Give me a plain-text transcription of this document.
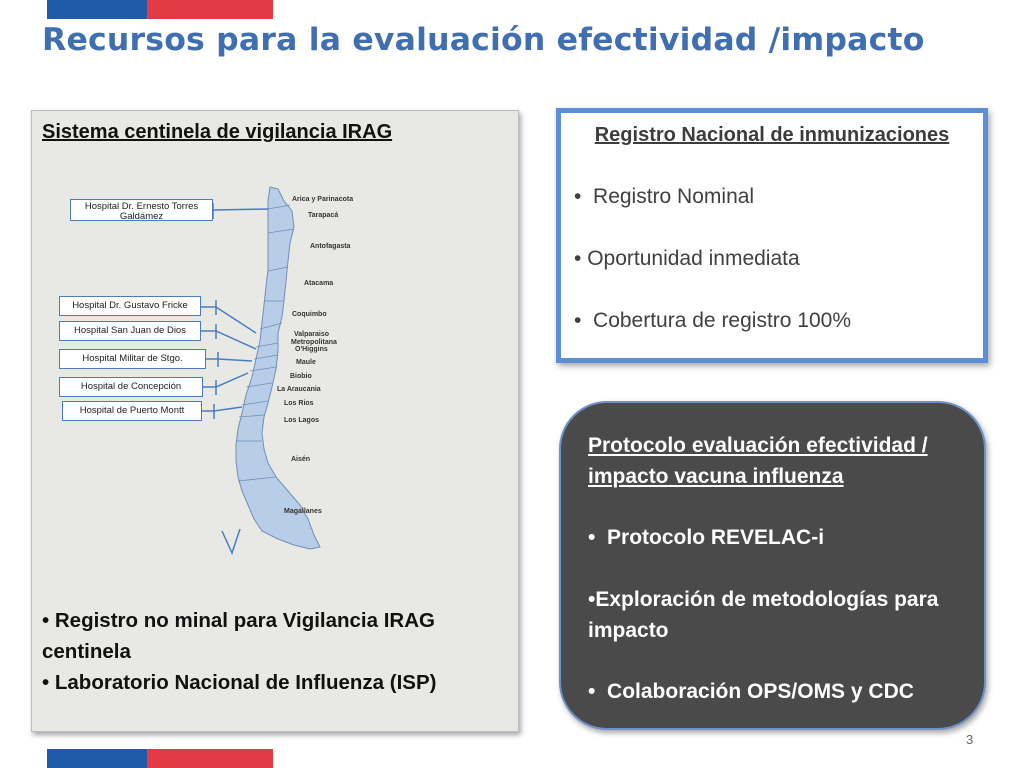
Recursos para la evaluación efectividad /impacto
Sistema centinela de vigilancia IRAG
Arica y Parinacota
Tarapacá
Antofagasta
Atacama
Coquimbo
Valparaiso
Metropolitana
O'Higgins
Maule
Biobio
La Araucania
Los Rios
Los Lagos
Aisén
Magallanes
Hospital Dr. Ernesto Torres Galdámez
Hospital Dr. Gustavo Fricke
Hospital San Juan de Dios
Hospital Militar de Stgo.
Hospital de Concepción
Hospital de Puerto Montt
• Registro no minal para Vigilancia IRAG centinela
• Laboratorio Nacional de Influenza (ISP)
Registro Nacional de inmunizaciones
•  Registro Nominal
• Oportunidad inmediata
•  Cobertura de registro 100%
Protocolo evaluación efectividad / impacto vacuna influenza
•  Protocolo REVELAC-i
•Exploración de metodologías para impacto
•  Colaboración OPS/OMS y CDC
3
